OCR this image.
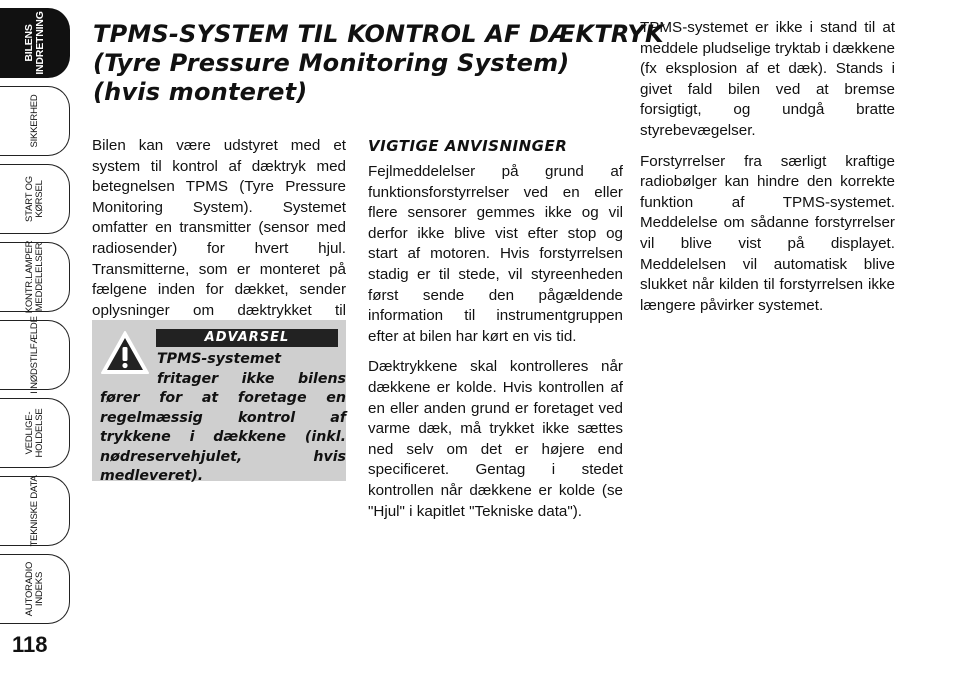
BILENS
INDRETNING
SIKKERHED
START OG
KØRSEL
KONTR.LAMPER
MEDDELELSER
I NØDSTILFÆLDE
VEDLIGE-
HOLDELSE
TEKNISKE DATA
AUTORADIO
INDEKS
118
TPMS-SYSTEM TIL KONTROL AF DÆKTRYK
(Tyre Pressure Monitoring System)
(hvis monteret)

Bilen kan være udstyret med et system til kontrol af dæktryk med betegnelsen TPMS (Tyre Pressure Monitoring System). Systemet omfatter en transmitter (sensor med radiosender) for hvert hjul. Transmitterne, som er monteret på fælgene inden for dækket, sender oplysninger om dæktrykket til

ADVARSEL
TPMS-systemet fritager ikke bilens fører for at foretage en regelmæssig kontrol af trykkene i dækkene (inkl. nødreservehjulet, hvis medleveret).
VIGTIGE ANVISNINGER

Fejlmeddelelser på grund af funktionsforstyrrelser ved en eller flere sensorer gemmes ikke og vil derfor ikke blive vist efter stop og start af motoren. Hvis forstyrrelsen stadig er til stede, vil styreenheden først sende den pågældende information til instrumentgruppen efter at bilen har kørt en vis tid.

Dæktrykkene skal kontrolleres når dækkene er kolde. Hvis kontrollen af en eller anden grund er foretaget ved varme dæk, må trykket ikke sættes ned selv om det er højere end specificeret. Gentag i stedet kontrollen når dækkene er kolde (se "Hjul" i kapitlet "Tekniske data").

TPMS-systemet er ikke i stand til at meddele pludselige tryktab i dækkene (fx eksplosion af et dæk). Stands i givet fald bilen ved at bremse forsigtigt, og undgå bratte styrebevægelser.

Forstyrrelser fra særligt kraftige radiobølger kan hindre den korrekte funktion af TPMS-systemet. Meddelelse om sådanne forstyrrelser vil blive vist på displayet. Meddelelsen vil automatisk blive slukket når kilden til forstyrrelsen ikke længere påvirker systemet.
